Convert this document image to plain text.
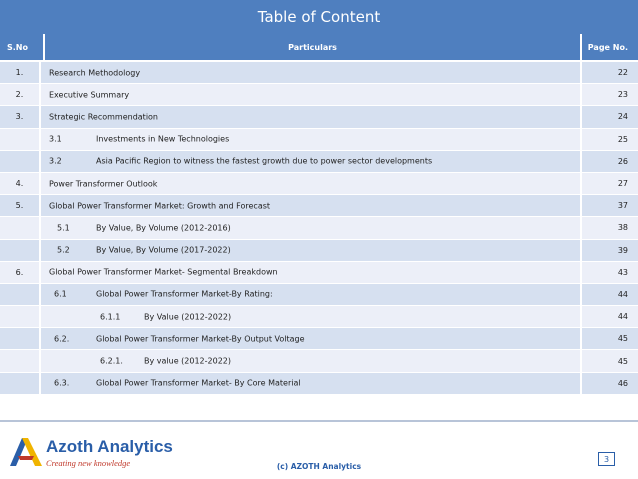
Table of Content
S.No	Particulars	Page No.
1.	Research Methodology	22
2.	Executive Summary	23
3.	Strategic Recommendation	24
3.1	Investments in New Technologies	25
3.2	Asia Pacific Region to witness the fastest growth due to power sector developments	26
4.	Power Transformer Outlook	27
5.	Global Power Transformer Market: Growth and Forecast	37
5.1	By Value, By Volume (2012-2016)	38
5.2	By Value, By Volume (2017-2022)	39
6.	Global Power Transformer Market- Segmental Breakdown	43
6.1	Global Power Transformer Market-By Rating:	44
6.1.1	By Value (2012-2022)	44
6.2.	Global Power Transformer Market-By Output Voltage	45
6.2.1.	By value (2012-2022)	45
6.3.	Global Power Transformer Market- By Core Material	46
Azoth Analytics
Creating new knowledge	(c) AZOTH Analytics
3
